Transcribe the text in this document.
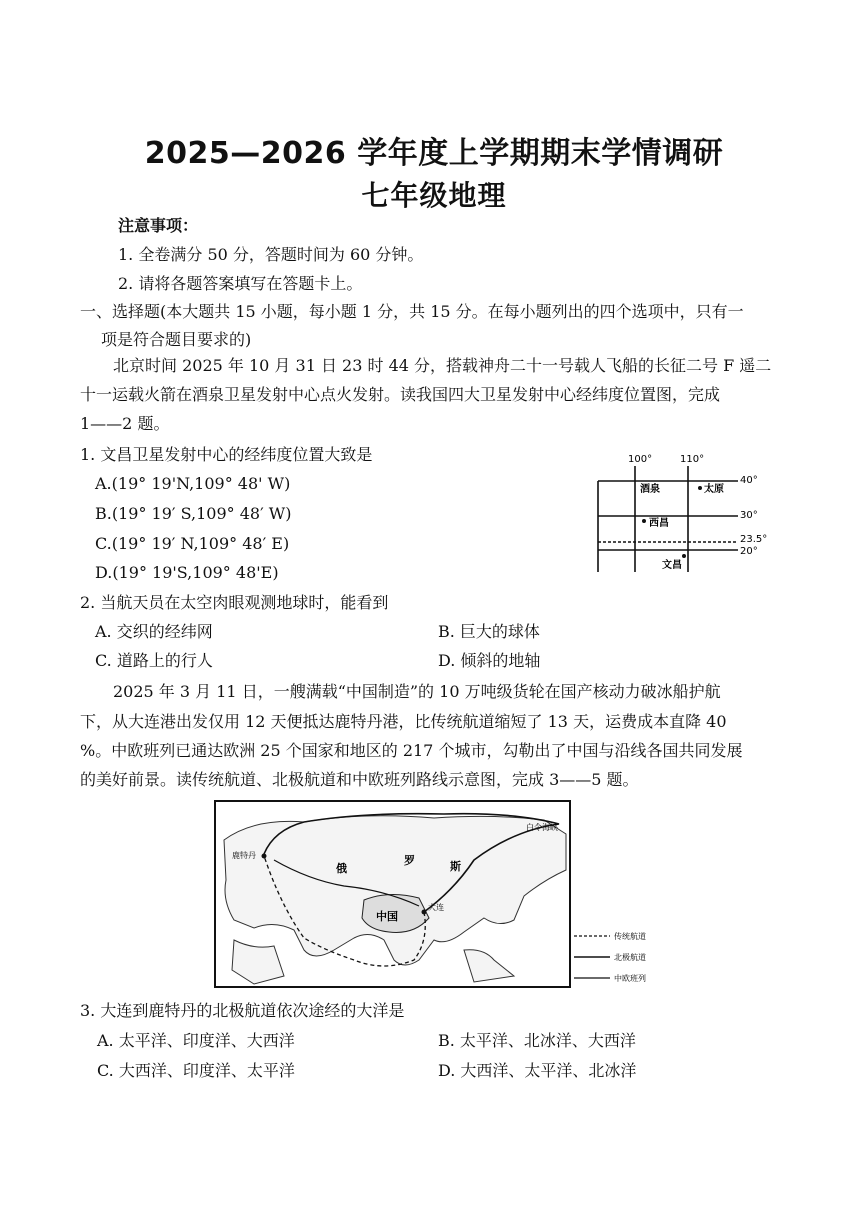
2025—2026 学年度上学期期末学情调研
七年级地理
注意事项：
1. 全卷满分 50 分，答题时间为 60 分钟。
2. 请将各题答案填写在答题卡上。
一、选择题(本大题共 15 小题，每小题 1 分，共 15 分。在每小题列出的四个选项中，只有一
项是符合题目要求的)
北京时间 2025 年 10 月 31 日 23 时 44 分，搭载神舟二十一号载人飞船的长征二号 F 遥二
十一运载火箭在酒泉卫星发射中心点火发射。读我国四大卫星发射中心经纬度位置图，完成
1——2 题。
1. 文昌卫星发射中心的经纬度位置大致是
A.(19° 19'N,109° 48' W)
B.(19° 19′ S,109° 48′ W)
C.(19° 19′ N,109° 48′ E)
D.(19° 19'S,109° 48'E)
100°	110°
40°
30°
23.5°
20°
酒泉	太原
西昌
文昌
2. 当航天员在太空肉眼观测地球时，能看到
A. 交织的经纬网	B. 巨大的球体
C. 道路上的行人	D. 倾斜的地轴
2025 年 3 月 11 日，一艘满载“中国制造”的 10 万吨级货轮在国产核动力破冰船护航
下，从大连港出发仅用 12 天便抵达鹿特丹港，比传统航道缩短了 13 天，运费成本直降 40
%。中欧班列已通达欧洲 25 个国家和地区的 217 个城市，勾勒出了中国与沿线各国共同发展
的美好前景。读传统航道、北极航道和中欧班列路线示意图，完成 3——5 题。
俄
罗	斯
中国
大连
鹿特丹
白令海峡
传统航道
北极航道
中欧班列
3. 大连到鹿特丹的北极航道依次途经的大洋是
A. 太平洋、印度洋、大西洋	B. 太平洋、北冰洋、大西洋
C. 大西洋、印度洋、太平洋	D. 大西洋、太平洋、北冰洋
